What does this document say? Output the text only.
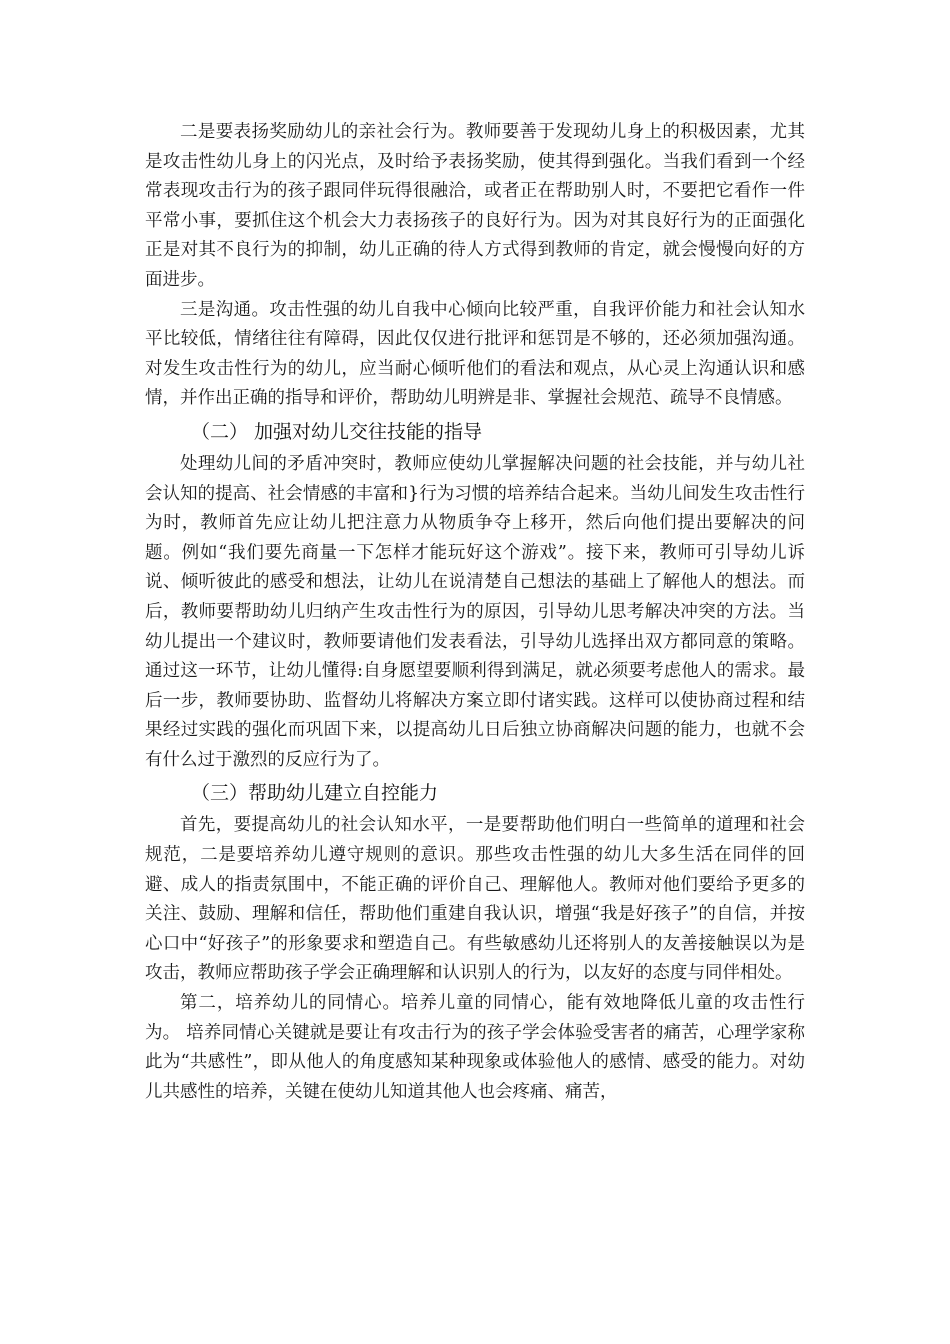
二是要表扬奖励幼儿的亲社会行为。教师要善于发现幼儿身上的积极因素，尤其是攻击性幼儿身上的闪光点，及时给予表扬奖励，使其得到强化。当我们看到一个经常表现攻击行为的孩子跟同伴玩得很融洽，或者正在帮助别人时，不要把它看作一件平常小事，要抓住这个机会大力表扬孩子的良好行为。因为对其良好行为的正面强化正是对其不良行为的抑制，幼儿正确的待人方式得到教师的肯定，就会慢慢向好的方面进步。

三是沟通。攻击性强的幼儿自我中心倾向比较严重，自我评价能力和社会认知水平比较低，情绪往往有障碍，因此仅仅进行批评和惩罚是不够的，还必须加强沟通。对发生攻击性行为的幼儿，应当耐心倾听他们的看法和观点，从心灵上沟通认识和感情，并作出正确的指导和评价，帮助幼儿明辨是非、掌握社会规范、疏导不良情感。

（二） 加强对幼儿交往技能的指导

处理幼儿间的矛盾冲突时，教师应使幼儿掌握解决问题的社会技能，并与幼儿社会认知的提高、社会情感的丰富和}行为习惯的培养结合起来。当幼儿间发生攻击性行为时，教师首先应让幼儿把注意力从物质争夺上移开，然后向他们提出要解决的问题。例如“我们要先商量一下怎样才能玩好这个游戏”。接下来，教师可引导幼儿诉说、倾听彼此的感受和想法，让幼儿在说清楚自己想法的基础上了解他人的想法。而后，教师要帮助幼儿归纳产生攻击性行为的原因，引导幼儿思考解决冲突的方法。当幼儿提出一个建议时，教师要请他们发表看法，引导幼儿选择出双方都同意的策略。通过这一环节，让幼儿懂得:自身愿望要顺利得到满足，就必须要考虑他人的需求。最后一步，教师要协助、监督幼儿将解决方案立即付诸实践。这样可以使协商过程和结果经过实践的强化而巩固下来，以提高幼儿日后独立协商解决问题的能力，也就不会有什么过于激烈的反应行为了。

（三）帮助幼儿建立自控能力

首先，要提高幼儿的社会认知水平，一是要帮助他们明白一些简单的道理和社会规范，二是要培养幼儿遵守规则的意识。那些攻击性强的幼儿大多生活在同伴的回避、成人的指责氛围中，不能正确的评价自己、理解他人。教师对他们要给予更多的关注、鼓励、理解和信任，帮助他们重建自我认识，增强“我是好孩子”的自信，并按心口中“好孩子”的形象要求和塑造自己。有些敏感幼儿还将别人的友善接触误以为是攻击，教师应帮助孩子学会正确理解和认识别人的行为，以友好的态度与同伴相处。

第二，培养幼儿的同情心。培养儿童的同情心，能有效地降低儿童的攻击性行为。 培养同情心关键就是要让有攻击行为的孩子学会体验受害者的痛苦，心理学家称此为“共感性”，即从他人的角度感知某种现象或体验他人的感情、感受的能力。对幼儿共感性的培养，关键在使幼儿知道其他人也会疼痛、痛苦，
